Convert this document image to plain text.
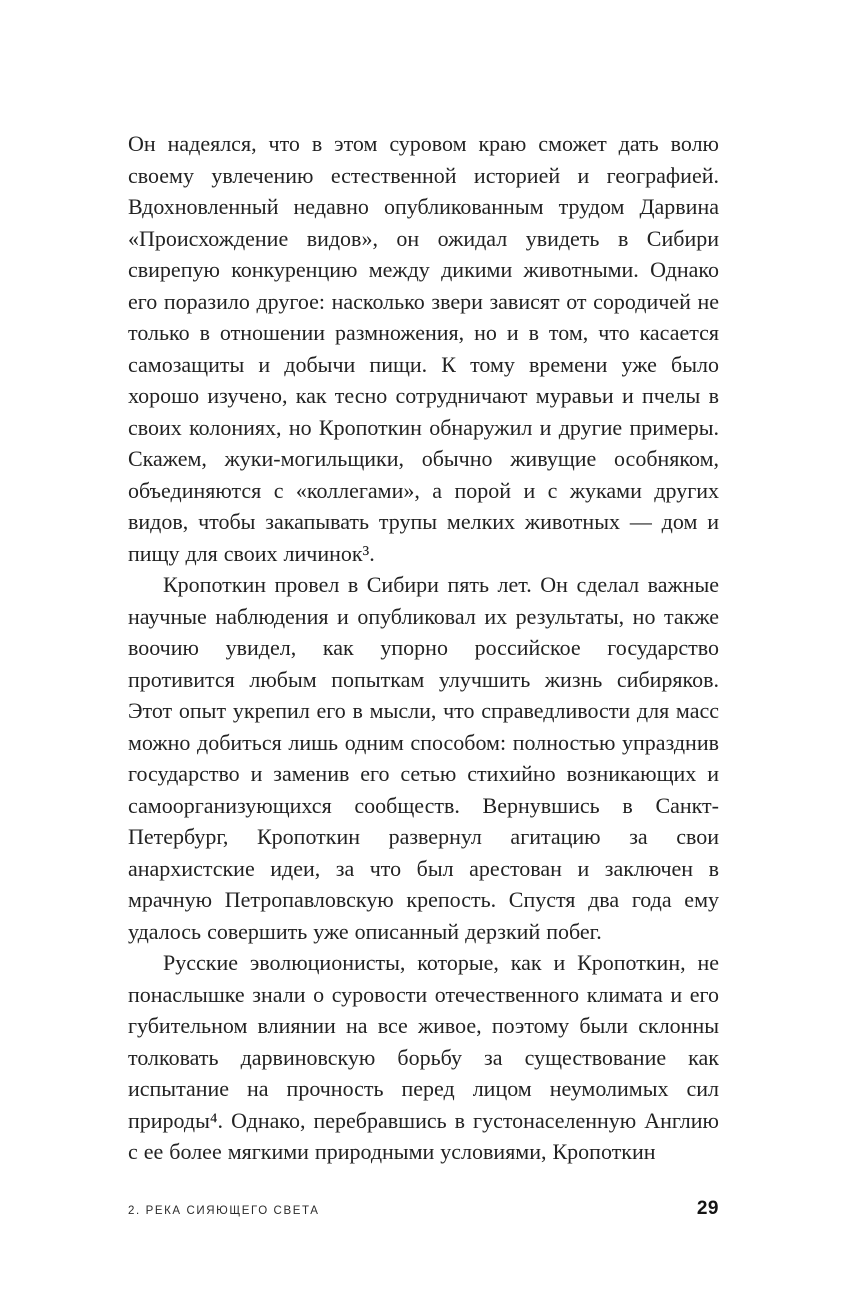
Он надеялся, что в этом суровом краю сможет дать волю своему увлечению естественной историей и географией. Вдохновленный недавно опубликованным трудом Дарвина «Происхождение видов», он ожидал увидеть в Сибири свирепую конкуренцию между дикими животными. Однако его поразило другое: насколько звери зависят от сородичей не только в отношении размножения, но и в том, что касается самозащиты и добычи пищи. К тому времени уже было хорошо изучено, как тесно сотрудничают муравьи и пчелы в своих колониях, но Кропоткин обнаружил и другие примеры. Скажем, жуки-могильщики, обычно живущие особняком, объединяются с «коллегами», а порой и с жуками других видов, чтобы закапывать трупы мелких животных — дом и пищу для своих личинок³.

Кропоткин провел в Сибири пять лет. Он сделал важные научные наблюдения и опубликовал их результаты, но также воочию увидел, как упорно российское государство противится любым попыткам улучшить жизнь сибиряков. Этот опыт укрепил его в мысли, что справедливости для масс можно добиться лишь одним способом: полностью упразднив государство и заменив его сетью стихийно возникающих и самоорганизующихся сообществ. Вернувшись в Санкт-Петербург, Кропоткин развернул агитацию за свои анархистские идеи, за что был арестован и заключен в мрачную Петропавловскую крепость. Спустя два года ему удалось совершить уже описанный дерзкий побег.

Русские эволюционисты, которые, как и Кропоткин, не понаслышке знали о суровости отечественного климата и его губительном влиянии на все живое, поэтому были склонны толковать дарвиновскую борьбу за существование как испытание на прочность перед лицом неумолимых сил природы⁴. Однако, перебравшись в густонаселенную Англию с ее более мягкими природными условиями, Кропоткин

2. РЕКА СИЯЮЩЕГО СВЕТА	29
